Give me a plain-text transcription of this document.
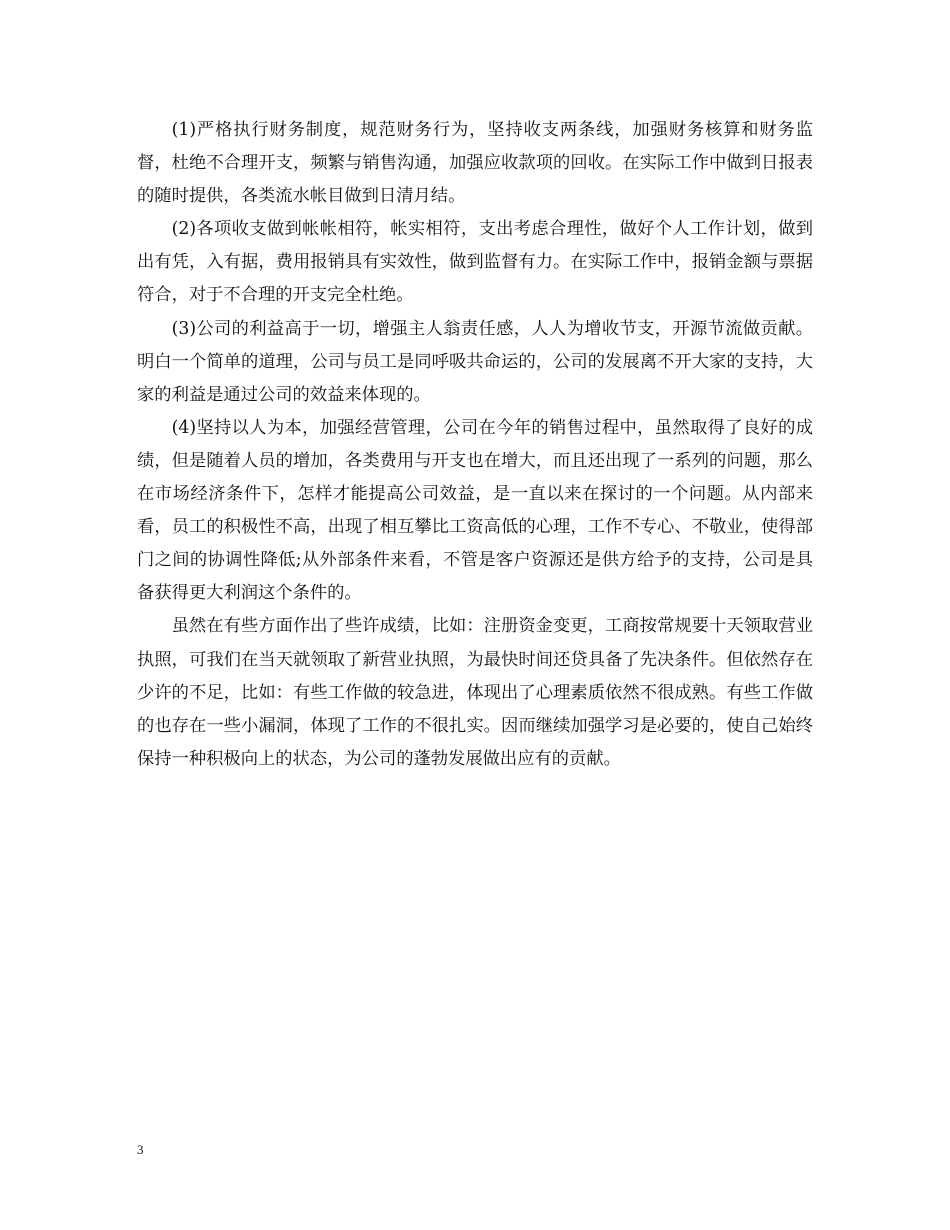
(1)严格执行财务制度，规范财务行为，坚持收支两条线，加强财务核算和财务监督，杜绝不合理开支，频繁与销售沟通，加强应收款项的回收。在实际工作中做到日报表的随时提供，各类流水帐目做到日清月结。

(2)各项收支做到帐帐相符，帐实相符，支出考虑合理性，做好个人工作计划，做到出有凭，入有据，费用报销具有实效性，做到监督有力。在实际工作中，报销金额与票据符合，对于不合理的开支完全杜绝。

(3)公司的利益高于一切，增强主人翁责任感，人人为增收节支，开源节流做贡献。明白一个简单的道理，公司与员工是同呼吸共命运的，公司的发展离不开大家的支持，大家的利益是通过公司的效益来体现的。

(4)坚持以人为本，加强经营管理，公司在今年的销售过程中，虽然取得了良好的成绩，但是随着人员的增加，各类费用与开支也在增大，而且还出现了一系列的问题，那么在市场经济条件下，怎样才能提高公司效益，是一直以来在探讨的一个问题。从内部来看，员工的积极性不高，出现了相互攀比工资高低的心理，工作不专心、不敬业，使得部门之间的协调性降低;从外部条件来看，不管是客户资源还是供方给予的支持，公司是具备获得更大利润这个条件的。

虽然在有些方面作出了些许成绩，比如：注册资金变更，工商按常规要十天领取营业执照，可我们在当天就领取了新营业执照，为最快时间还贷具备了先决条件。但依然存在少许的不足，比如：有些工作做的较急进，体现出了心理素质依然不很成熟。有些工作做的也存在一些小漏洞，体现了工作的不很扎实。因而继续加强学习是必要的，使自己始终保持一种积极向上的状态，为公司的蓬勃发展做出应有的贡献。

3
